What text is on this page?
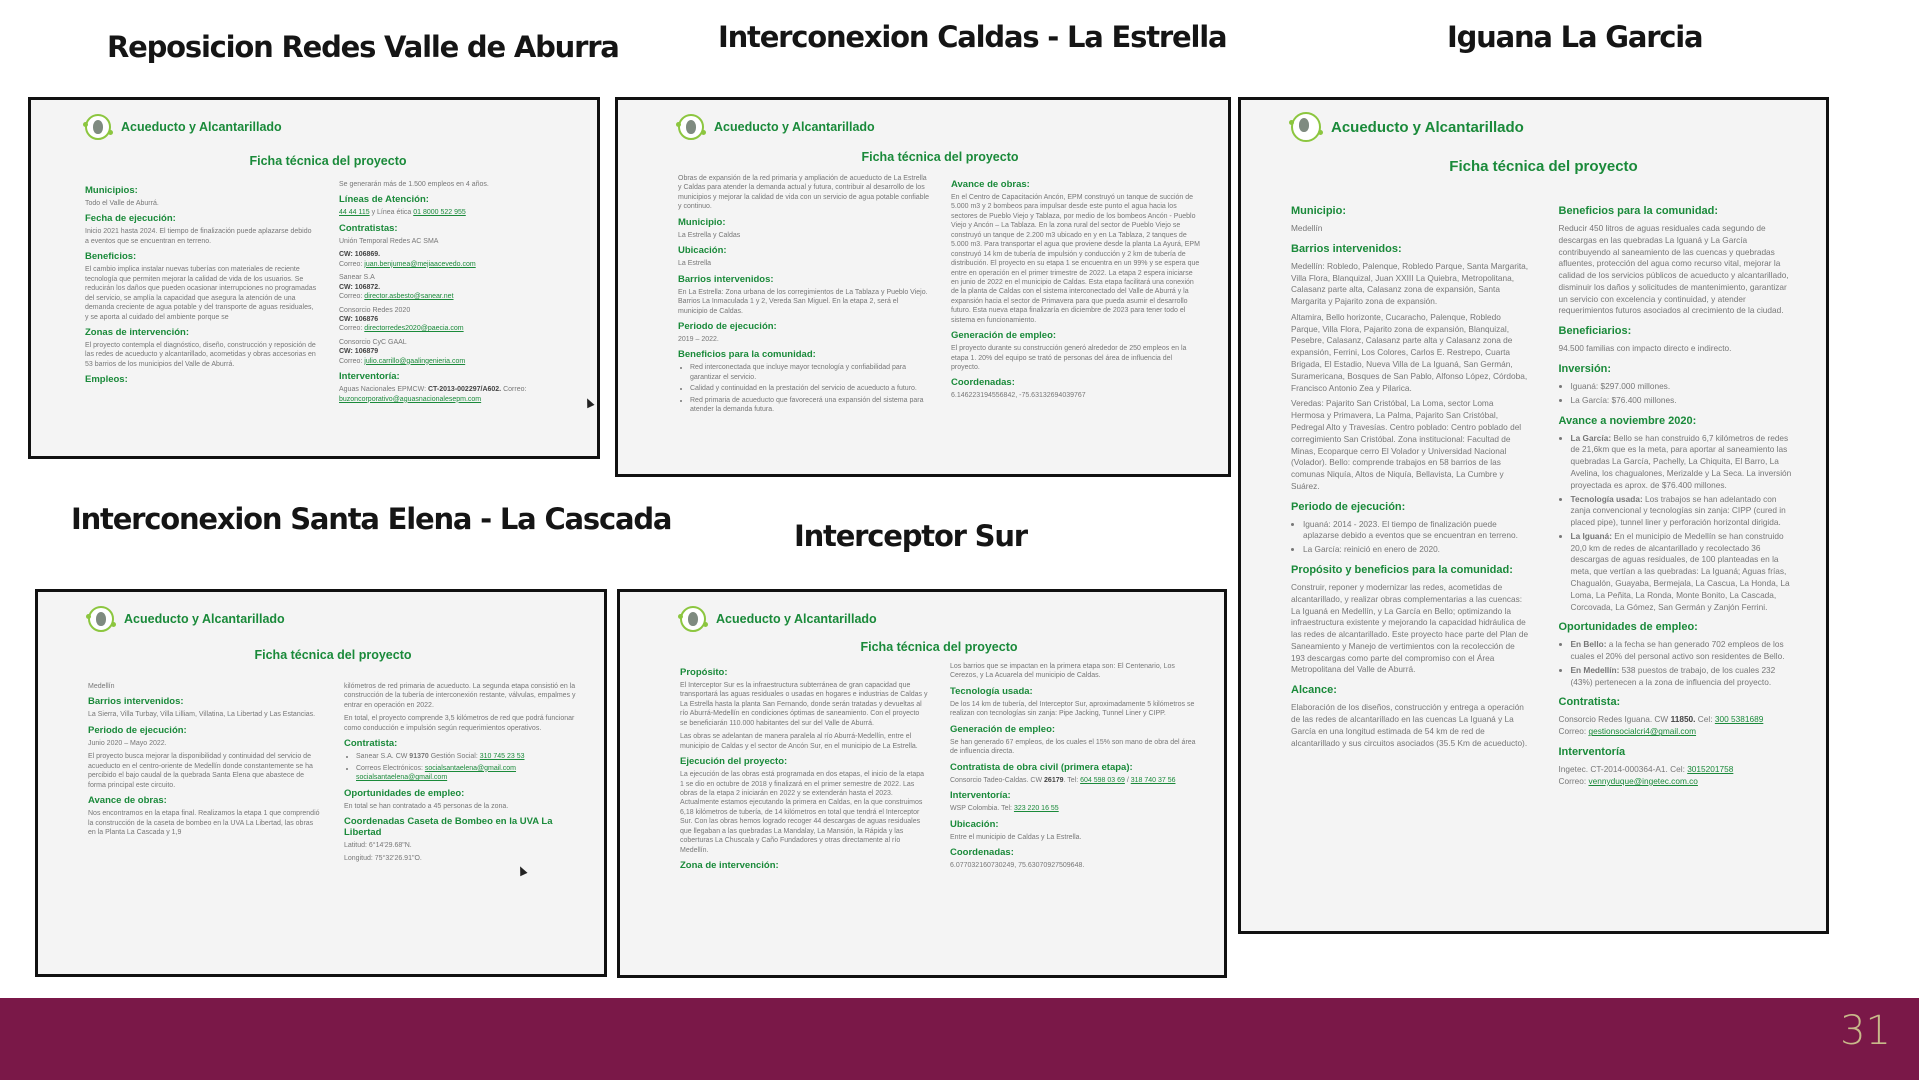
Reposicion Redes Valle de Aburra	Interconexion Caldas - La Estrella	Iguana La Garcia
Interconexion Santa Elena - La Cascada	Interceptor Sur
Acueducto y Alcantarillado
Ficha técnica del proyecto
Municipios:
Todo el Valle de Aburrá.
Fecha de ejecución:
Inicio 2021 hasta 2024. El tiempo de finalización puede aplazarse debido a eventos que se encuentran en terreno.
Beneficios:
El cambio implica instalar nuevas tuberías con materiales de reciente tecnología que permiten mejorar la calidad de vida de los usuarios. Se reducirán los daños que pueden ocasionar interrupciones no programadas del servicio, se amplía la capacidad que asegura la atención de una demanda creciente de agua potable y del transporte de aguas residuales, y se aporta al cuidado del ambiente porque se
Zonas de intervención:
El proyecto contempla el diagnóstico, diseño, construcción y reposición de las redes de acueducto y alcantarillado, acometidas y obras accesorias en 53 barrios de los municipios del Valle de Aburrá.
Empleos:
Se generarán más de 1.500 empleos en 4 años.
Líneas de Atención:
44 44 115 y Línea ética 01 8000 522 955
Contratistas:
Unión Temporal Redes AC SMA
CW: 106869.
Correo: juan.benjumea@mejiaacevedo.com
Sanear S.A
CW: 106872.
Correo: director.asbesto@sanear.net
Consorcio Redes 2020
CW: 106876
Correo: directorredes2020@paecia.com
Consorcio CyC GAAL
CW: 106879
Correo: julio.carrillo@gaalingenieria.com
Interventoría:
Aguas Nacionales EPMCW: CT-2013-002297/A602. Correo: buzoncorporativo@aguasnacionalesepm.com
Acueducto y Alcantarillado
Ficha técnica del proyecto
Obras de expansión de la red primaria y ampliación de acueducto de La Estrella y Caldas para atender la demanda actual y futura, contribuir al desarrollo de los municipios y mejorar la calidad de vida con un servicio de agua potable confiable y continuo.
Municipio:
La Estrella y Caldas
Ubicación:
La Estrella
Barrios intervenidos:
En La Estrella: Zona urbana de los corregimientos de La Tablaza y Pueblo Viejo. Barrios La Inmaculada 1 y 2, Vereda San Miguel. En la etapa 2, será el municipio de Caldas.
Periodo de ejecución:
2019 – 2022.
Beneficios para la comunidad:
• Red interconectada que incluye mayor tecnología y confiabilidad para garantizar el servicio.
• Calidad y continuidad en la prestación del servicio de acueducto a futuro.
• Red primaria de acueducto que favorecerá una expansión del sistema para atender la demanda futura.
Avance de obras:
En el Centro de Capacitación Ancón, EPM construyó un tanque de succión de 5.000 m3 y 2 bombeos para impulsar desde este punto el agua hacia los sectores de Pueblo Viejo y Tablaza, por medio de los bombeos Ancón - Pueblo Viejo y Ancón – La Tablaza. En la zona rural del sector de Pueblo Viejo se construyó un tanque de 2.200 m3 ubicado en y en La Tablaza, 2 tanques de 5.000 m3. Para transportar el agua que proviene desde la planta La Ayurá, EPM construyó 14 km de tubería de impulsión y conducción y 2 km de tubería de distribución. El proyecto en su etapa 1 se encuentra en un 99% y se espera que entre en operación en el primer trimestre de 2022. La etapa 2 espera iniciarse en junio de 2022 en el municipio de Caldas. Esta etapa facilitará una conexión de la planta de Caldas con el sistema interconectado del Valle de Aburrá y la expansión hacia el sector de Primavera para que pueda asumir el desarrollo futuro. Esta nueva etapa finalizaría en diciembre de 2023 para tener todo el sistema en funcionamiento.
Generación de empleo:
El proyecto durante su construcción generó alrededor de 250 empleos en la etapa 1. 20% del equipo se trató de personas del área de influencia del proyecto.
Coordenadas:
6.146223194556842, -75.63132694039767
Acueducto y Alcantarillado
Ficha técnica del proyecto
Municipio:
Medellín
Barrios intervenidos:
Medellín: Robledo, Palenque, Robledo Parque, Santa Margarita, Villa Flora, Blanquizal, Juan XXIII La Quiebra, Metropolitana, Calasanz parte alta, Calasanz zona de expansión, Santa Margarita y Pajarito zona de expansión.
Altamira, Bello horizonte, Cucaracho, Palenque, Robledo Parque, Villa Flora, Pajarito zona de expansión, Blanquizal, Pesebre, Calasanz, Calasanz parte alta y Calasanz zona de expansión, Ferrini, Los Colores, Carlos E. Restrepo, Cuarta Brigada, El Estadio, Nueva Villa de La Iguaná, San Germán, Suramericana, Bosques de San Pablo, Alfonso López, Córdoba, Francisco Antonio Zea y Pilarica.
Veredas: Pajarito San Cristóbal, La Loma, sector Loma Hermosa y Primavera, La Palma, Pajarito San Cristóbal, Pedregal Alto y Travesías. Centro poblado: Centro poblado del corregimiento San Cristóbal. Zona institucional: Facultad de Minas, Ecoparque cerro El Volador y Universidad Nacional (Volador). Bello: comprende trabajos en 58 barrios de las comunas Niquía, Altos de Niquía, Bellavista, La Cumbre y Suárez.
Periodo de ejecución:
• Iguaná: 2014 - 2023. El tiempo de finalización puede aplazarse debido a eventos que se encuentran en terreno.
• La García: reinició en enero de 2020.
Propósito y beneficios para la comunidad:
Construir, reponer y modernizar las redes, acometidas de alcantarillado, y realizar obras complementarias a las cuencas: La Iguaná en Medellín, y La García en Bello; optimizando la infraestructura existente y mejorando la capacidad hidráulica de las redes de alcantarillado. Este proyecto hace parte del Plan de Saneamiento y Manejo de vertimientos con la recolección de 193 descargas como parte del compromiso con el Área Metropolitana del Valle de Aburrá.
Alcance:
Elaboración de los diseños, construcción y entrega a operación de las redes de alcantarillado en las cuencas La Iguaná y La García en una longitud estimada de 54 km de red de alcantarillado y sus circuitos asociados (35.5 Km de acueducto).
Beneficios para la comunidad:
Reducir 450 litros de aguas residuales cada segundo de descargas en las quebradas La Iguaná y La García contribuyendo al saneamiento de las cuencas y quebradas afluentes, protección del agua como recurso vital, mejorar la calidad de los servicios públicos de acueducto y alcantarillado, disminuir los daños y solicitudes de mantenimiento, garantizar un servicio con excelencia y continuidad, y atender requerimientos futuros asociados al crecimiento de la ciudad.
Beneficiarios:
94.500 familias con impacto directo e indirecto.
Inversión:
• Iguaná: $297.000 millones.
• La García: $76.400 millones.
Avance a noviembre 2020:
• La García: Bello se han construido 6,7 kilómetros de redes de 21,6km que es la meta, para aportar al saneamiento las quebradas La García, Pachelly, La Chiquita, El Barro, La Avelina, los chagualones, Merizalde y La Seca. La inversión proyectada es aprox. de $76.400 millones.
• Tecnología usada: Los trabajos se han adelantado con zanja convencional y tecnologías sin zanja: CIPP (cured in placed pipe), tunnel liner y perforación horizontal dirigida.
• La Iguaná: En el municipio de Medellín se han construido 20,0 km de redes de alcantarillado y recolectado 36 descargas de aguas residuales, de 100 planteadas en la meta, que vertían a las quebradas: La Iguaná; Aguas frías, Chagualón, Guayaba, Bermejala, La Cascua, La Honda, La Loma, La Peñita, La Ronda, Monte Bonito, La Cascada, Corcovada, La Gómez, San Germán y Zanjón Ferrini.
Oportunidades de empleo:
• En Bello: a la fecha se han generado 702 empleos de los cuales el 20% del personal activo son residentes de Bello.
• En Medellín: 538 puestos de trabajo, de los cuales 232 (43%) pertenecen a la zona de influencia del proyecto.
Contratista:
Consorcio Redes Iguana. CW 11850. Cel: 300 5381689
Correo: gestionsocialcri4@gmail.com
Interventoría
Ingetec. CT-2014-000364-A1. Cel: 3015201758
Correo: vennyduque@ingetec.com.co
Acueducto y Alcantarillado
Ficha técnica del proyecto
Medellín
Barrios intervenidos:
La Sierra, Villa Turbay, Villa Lilliam, Villatina, La Libertad y Las Estancias.
Periodo de ejecución:
Junio 2020 – Mayo 2022.
El proyecto busca mejorar la disponibilidad y continuidad del servicio de acueducto en el centro-oriente de Medellín donde constantemente se ha percibido el bajo caudal de la quebrada Santa Elena que abastece de forma principal este circuito.
Avance de obras:
Nos encontramos en la etapa final. Realizamos la etapa 1 que comprendió la construcción de la caseta de bombeo en la UVA La Libertad, las obras en la Planta La Cascada y 1,9
kilómetros de red primaria de acueducto. La segunda etapa consistió en la construcción de la tubería de interconexión restante, válvulas, empalmes y entrar en operación en 2022.
En total, el proyecto comprende 3,5 kilómetros de red que podrá funcionar como conducción e impulsión según requerimientos operativos.
Contratista:
• Sanear S.A. CW 91370 Gestión Social: 310 745 23 53
• Correos Electrónicos: socialsantaelena@gmail.com
socialsantaelena@gmail.com
Oportunidades de empleo:
En total se han contratado a 45 personas de la zona.
Coordenadas Caseta de Bombeo en la UVA La Libertad
Latitud: 6°14'29.68"N.
Longitud: 75°32'26.91"O.
Acueducto y Alcantarillado
Ficha técnica del proyecto
Propósito:
El Interceptor Sur es la infraestructura subterránea de gran capacidad que transportará las aguas residuales o usadas en hogares e industrias de Caldas y La Estrella hasta la planta San Fernando, donde serán tratadas y devueltas al río Aburrá-Medellín en condiciones óptimas de saneamiento. Con el proyecto se beneficiarán 110.000 habitantes del sur del Valle de Aburrá.
Las obras se adelantan de manera paralela al río Aburrá-Medellín, entre el municipio de Caldas y el sector de Ancón Sur, en el municipio de La Estrella.
Ejecución del proyecto:
La ejecución de las obras está programada en dos etapas, el inicio de la etapa 1 se dio en octubre de 2018 y finalizará en el primer semestre de 2022. Las obras de la etapa 2 iniciarán en 2022 y se extenderán hasta el 2023. Actualmente estamos ejecutando la primera en Caldas, en la que construimos 6,18 kilómetros de tubería, de 14 kilómetros en total que tendrá el Interceptor Sur. Con las obras hemos logrado recoger 44 descargas de aguas residuales que llegaban a las quebradas La Mandalay, La Mansión, la Rápida y las coberturas La Chuscala y Caño Fundadores y otras directamente al río Medellín.
Zona de intervención:
Los barrios que se impactan en la primera etapa son: El Centenario, Los Cerezos, y La Acuarela del municipio de Caldas.
Tecnología usada:
De los 14 km de tubería, del Interceptor Sur, aproximadamente 5 kilómetros se realizan con tecnologías sin zanja: Pipe Jacking, Tunnel Liner y CIPP.
Generación de empleo:
Se han generado 67 empleos, de los cuales el 15% son mano de obra del área de influencia directa.
Contratista de obra civil (primera etapa):
Consorcio Tadeo-Caldas. CW 26179. Tel: 604 598 03 69 / 318 740 37 56
Interventoría:
WSP Colombia. Tel: 323 220 16 55
Ubicación:
Entre el municipio de Caldas y La Estrella.
Coordenadas:
6.077032160730249, 75.63070927509648.
31
